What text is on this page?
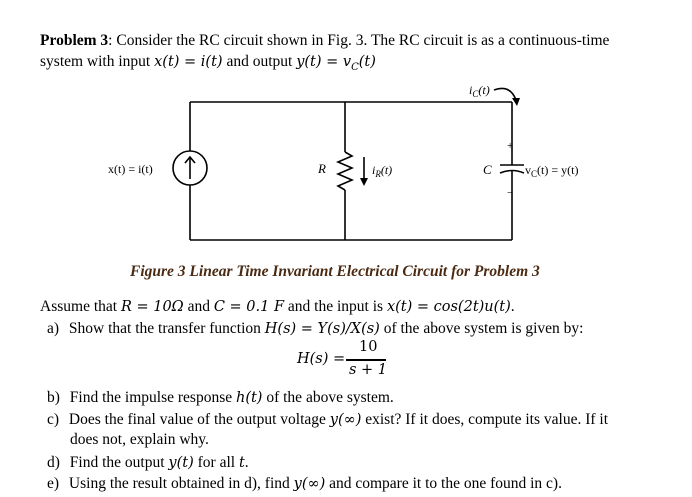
Problem 3: Consider the RC circuit shown in Fig. 3. The RC circuit is as a continuous-time
system with input x(t) = i(t) and output $y(t) = v_C(t)$
x(t) = i(t)	R	$i_R(t)$
$i_C(t)$
C
+
−
$v_C(t) = y(t)$
Figure 3 Linear Time Invariant Electrical Circuit for Problem 3
Assume that R = 10Ω and C = 0.1 F and the input is x(t) = cos(2t)u(t).
a) Show that the transfer function H(s) = Y(s)/X(s) of the above system is given by:
H(s) =
10
s + 1
b) Find the impulse response h(t) of the above system.
c) Does the final value of the output voltage y(∞) exist? If it does, compute its value. If it
does not, explain why.
d) Find the output y(t) for all t.
e) Using the result obtained in d), find y(∞) and compare it to the one found in c).
